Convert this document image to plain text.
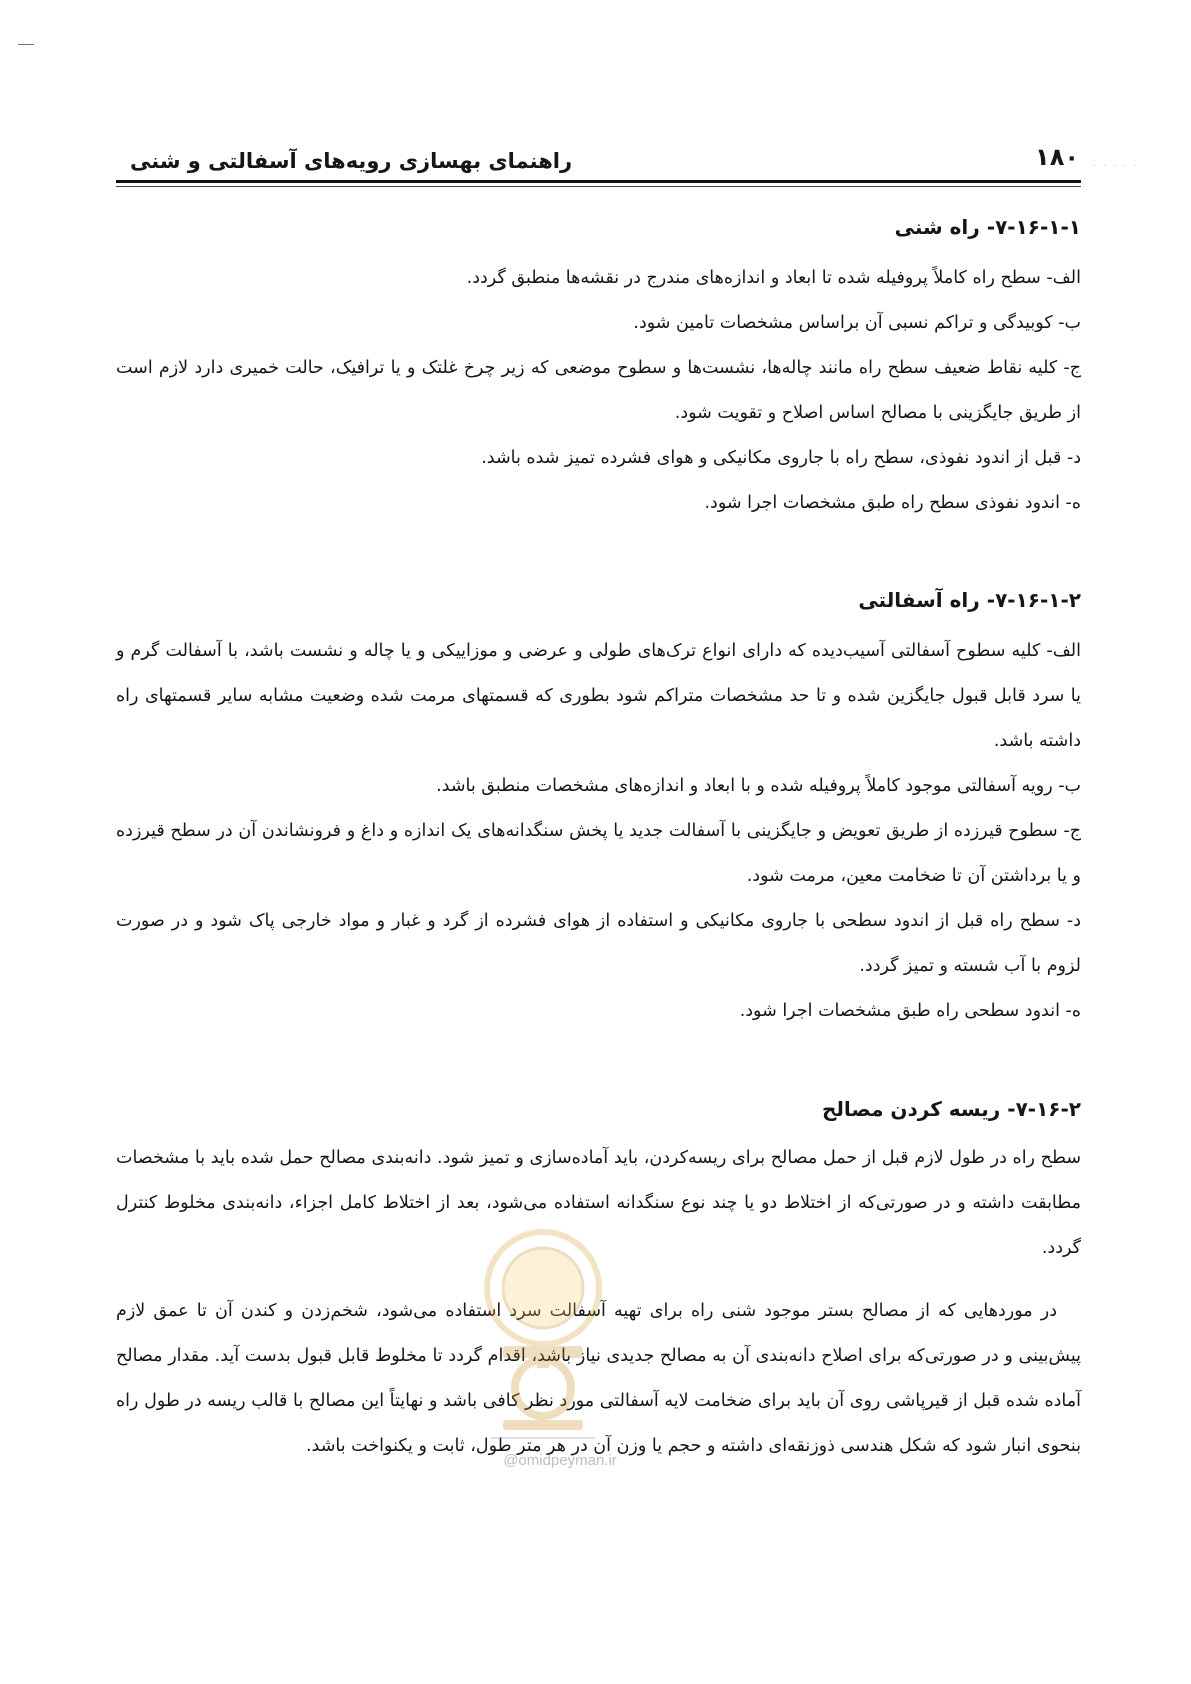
· · · · ·
۱۸۰
راهنمای بهسازی رویه‌های آسفالتی و شنی
۷-۱۶-۱-۱- راه شنی
الف- سطح راه کاملاً پروفیله شده تا ابعاد و اندازه‌های مندرج در نقشه‌ها منطبق گردد.
ب- کوبیدگی و تراکم نسبی آن براساس مشخصات تامین شود.
ج- کلیه نقاط ضعیف سطح راه مانند چاله‌ها، نشست‌ها و سطوح موضعی که زیر چرخ غلتک و یا ترافیک، حالت خمیری دارد لازم است از طریق جایگزینی با مصالح اساس اصلاح و تقویت شود.
د- قبل از اندود نفوذی، سطح راه با جاروی مکانیکی و هوای فشرده تمیز شده باشد.
ه- اندود نفوذی سطح راه طبق مشخصات اجرا شود.
۷-۱۶-۱-۲- راه آسفالتی
الف- کلیه سطوح آسفالتی آسیب‌دیده که دارای انواع ترک‌های طولی و عرضی و موزاییکی و یا چاله و نشست باشد، با آسفالت گرم و یا سرد قابل قبول جایگزین شده و تا حد مشخصات متراکم شود بطوری که قسمتهای مرمت شده وضعیت مشابه سایر قسمتهای راه داشته باشد.
ب- رویه آسفالتی موجود کاملاً پروفیله شده و با ابعاد و اندازه‌های مشخصات منطبق باشد.
ج- سطوح قیرزده از طریق تعویض و جایگزینی با آسفالت جدید یا پخش سنگدانه‌های یک اندازه و داغ و فرونشاندن آن در سطح قیرزده و یا برداشتن آن تا ضخامت معین، مرمت شود.
د- سطح راه قبل از اندود سطحی با جاروی مکانیکی و استفاده از هوای فشرده از گرد و غبار و مواد خارجی پاک شود و در صورت لزوم با آب شسته و تمیز گردد.
ه- اندود سطحی راه طبق مشخصات اجرا شود.
۷-۱۶-۲- ریسه کردن مصالح

سطح راه در طول لازم قبل از حمل مصالح برای ریسه‌کردن، باید آماده‌سازی و تمیز شود. دانه‌بندی مصالح حمل شده باید با مشخصات مطابقت داشته و در صورتی‌که از اختلاط دو یا چند نوع سنگدانه استفاده می‌شود، بعد از اختلاط کامل اجزاء، دانه‌بندی مخلوط کنترل گردد.

در موردهایی که از مصالح بستر موجود شنی راه برای تهیه آسفالت سرد استفاده می‌شود، شخم‌زدن و کندن آن تا عمق لازم پیش‌بینی و در صورتی‌که برای اصلاح دانه‌بندی آن به مصالح جدیدی نیاز باشد، اقدام گردد تا مخلوط قابل قبول بدست آید. مقدار مصالح آماده شده قبل از قیرپاشی روی آن باید برای ضخامت لایه آسفالتی مورد نظر کافی باشد و نهایتاً این مصالح با قالب ریسه در طول راه بنحوی انبار شود که شکل هندسی ذوزنقه‌ای داشته و حجم یا وزن آن در هر متر طول، ثابت و یکنواخت باشد.

@omidpeyman.ir
